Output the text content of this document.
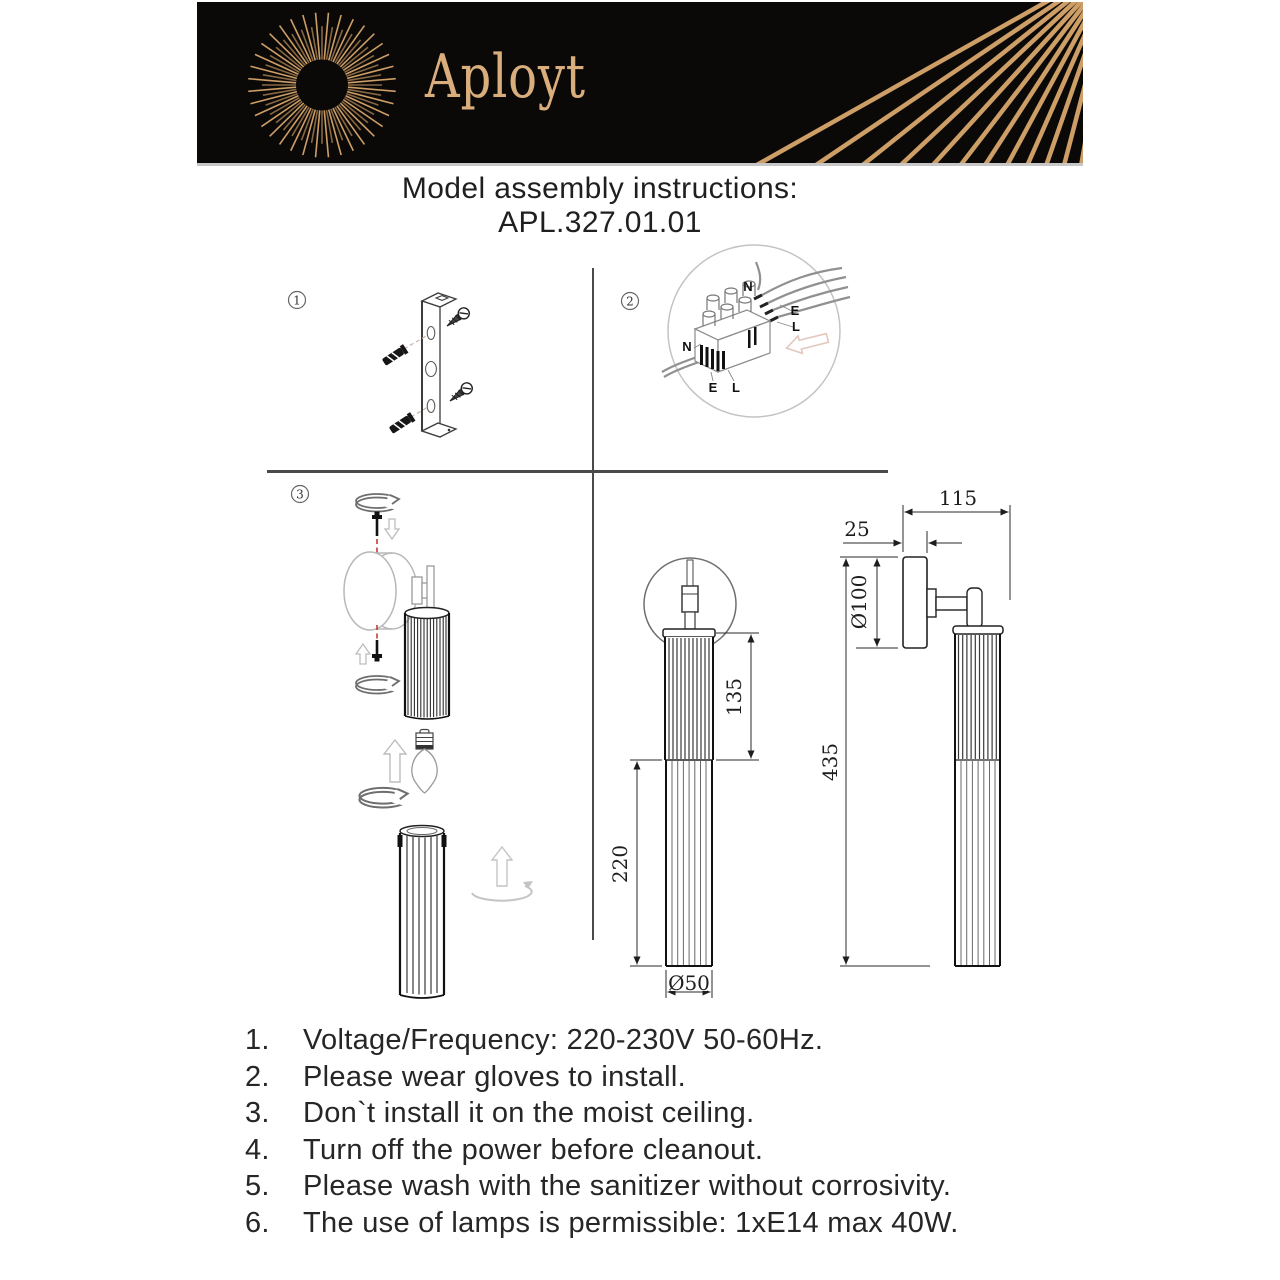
Aployt
Model assembly instructions:
APL.327.01.01
1	2
N
E
L
N
E L
3
135
220
Ø50
115
25
Ø100
435
1. Voltage/Frequency: 220-230V 50-60Hz.
2. Please wear gloves to install.
3. Don`t install it on the moist ceiling.
4. Turn off the power before cleanout.
5. Please wash with the sanitizer without corrosivity.
6. The use of lamps is permissible: 1xE14 max 40W.
